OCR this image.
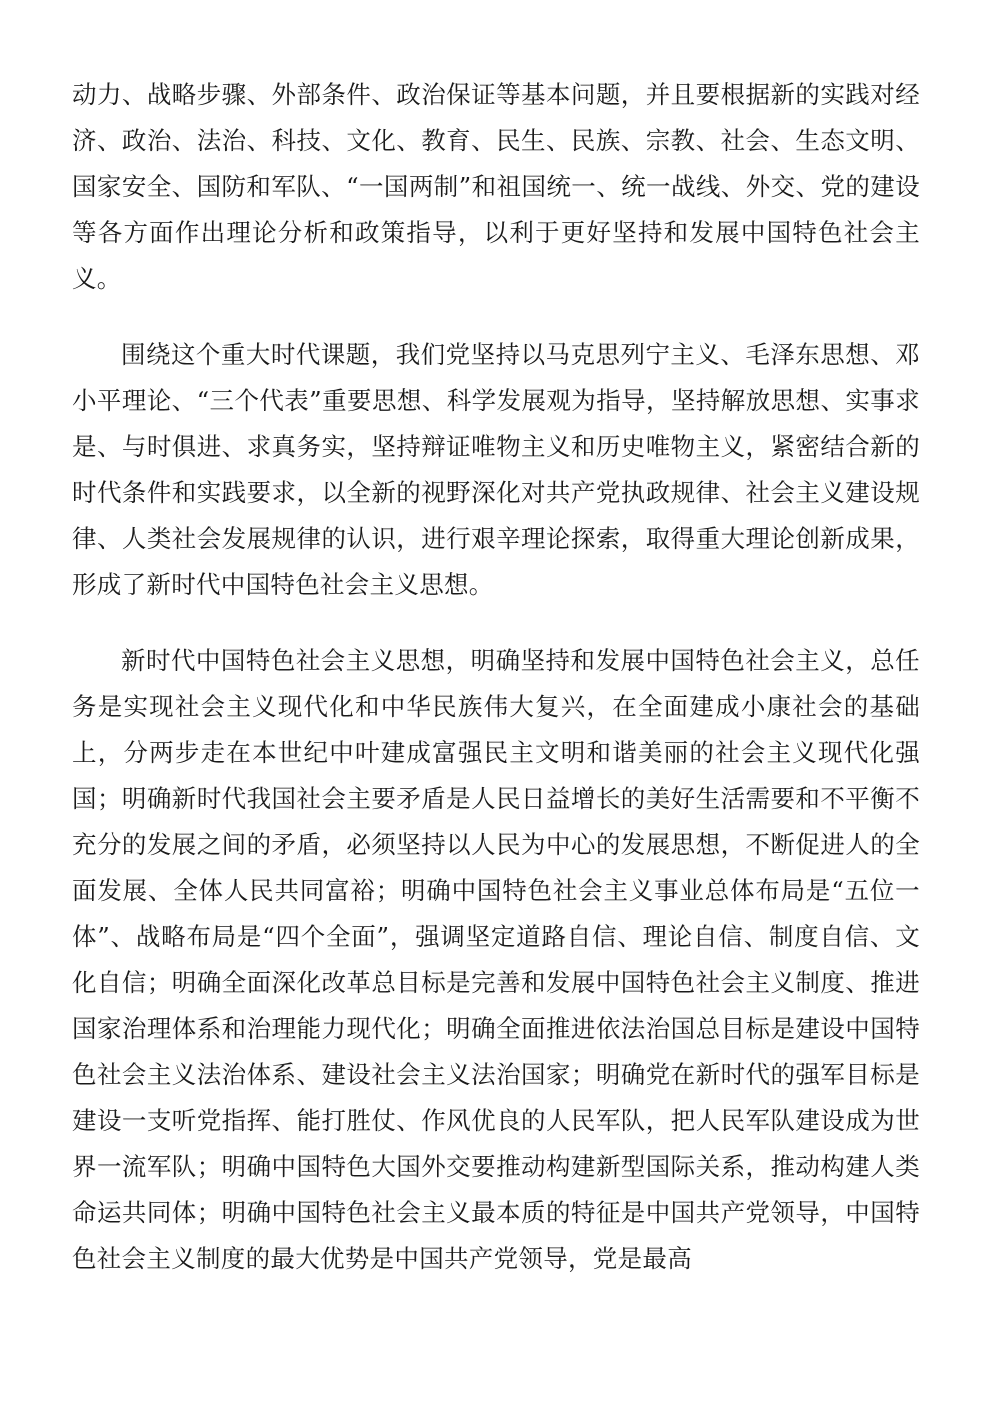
动力、战略步骤、外部条件、政治保证等基本问题，并且要根据新的实践对经济、政治、法治、科技、文化、教育、民生、民族、宗教、社会、生态文明、国家安全、国防和军队、“一国两制”和祖国统一、统一战线、外交、党的建设等各方面作出理论分析和政策指导，以利于更好坚持和发展中国特色社会主义。

围绕这个重大时代课题，我们党坚持以马克思列宁主义、毛泽东思想、邓小平理论、“三个代表”重要思想、科学发展观为指导，坚持解放思想、实事求是、与时俱进、求真务实，坚持辩证唯物主义和历史唯物主义，紧密结合新的时代条件和实践要求，以全新的视野深化对共产党执政规律、社会主义建设规律、人类社会发展规律的认识，进行艰辛理论探索，取得重大理论创新成果，形成了新时代中国特色社会主义思想。

新时代中国特色社会主义思想，明确坚持和发展中国特色社会主义，总任务是实现社会主义现代化和中华民族伟大复兴，在全面建成小康社会的基础上，分两步走在本世纪中叶建成富强民主文明和谐美丽的社会主义现代化强国；明确新时代我国社会主要矛盾是人民日益增长的美好生活需要和不平衡不充分的发展之间的矛盾，必须坚持以人民为中心的发展思想，不断促进人的全面发展、全体人民共同富裕；明确中国特色社会主义事业总体布局是“五位一体”、战略布局是“四个全面”，强调坚定道路自信、理论自信、制度自信、文化自信；明确全面深化改革总目标是完善和发展中国特色社会主义制度、推进国家治理体系和治理能力现代化；明确全面推进依法治国总目标是建设中国特色社会主义法治体系、建设社会主义法治国家；明确党在新时代的强军目标是建设一支听党指挥、能打胜仗、作风优良的人民军队，把人民军队建设成为世界一流军队；明确中国特色大国外交要推动构建新型国际关系，推动构建人类命运共同体；明确中国特色社会主义最本质的特征是中国共产党领导，中国特色社会主义制度的最大优势是中国共产党领导，党是最高
